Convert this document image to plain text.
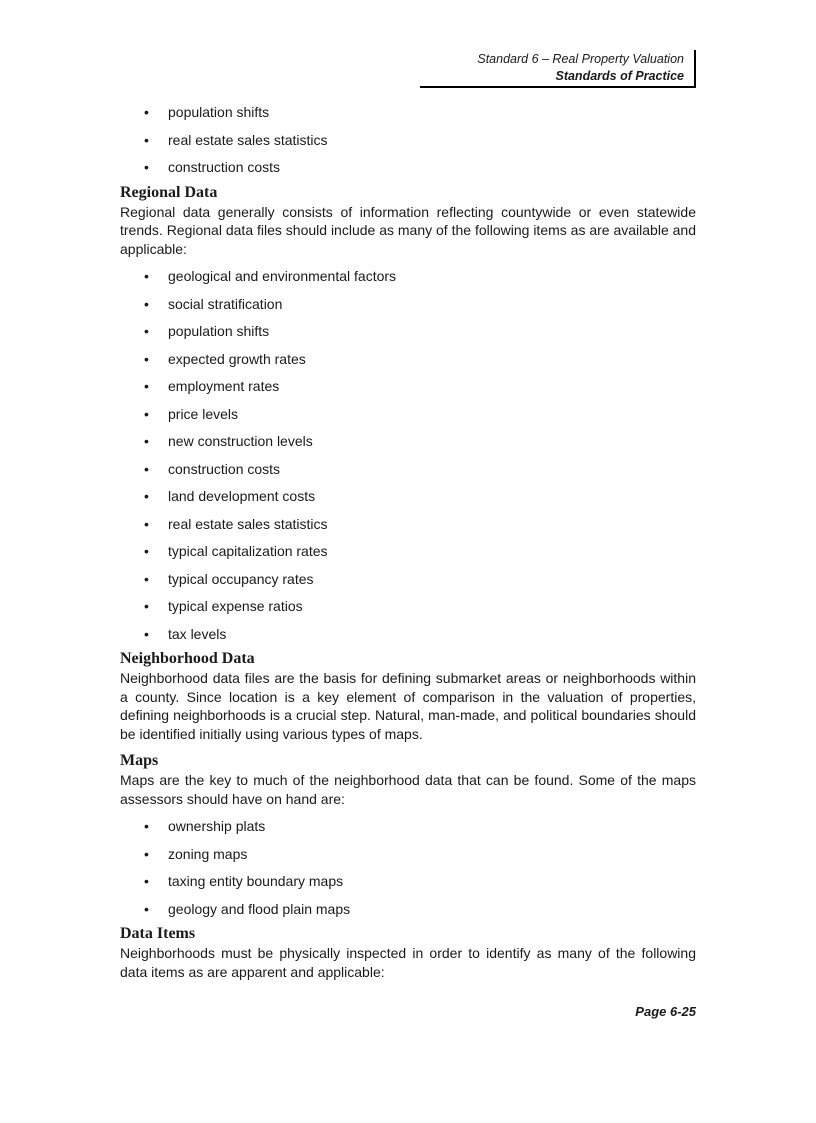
Standard 6 – Real Property Valuation
Standards of Practice
• population shifts
• real estate sales statistics
• construction costs
Regional Data

Regional data generally consists of information reflecting countywide or even statewide trends. Regional data files should include as many of the following items as are available and applicable:

• geological and environmental factors
• social stratification
• population shifts
• expected growth rates
• employment rates
• price levels
• new construction levels
• construction costs
• land development costs
• real estate sales statistics
• typical capitalization rates
• typical occupancy rates
• typical expense ratios
• tax levels
Neighborhood Data

Neighborhood data files are the basis for defining submarket areas or neighborhoods within a county. Since location is a key element of comparison in the valuation of properties, defining neighborhoods is a crucial step. Natural, man-made, and political boundaries should be identified initially using various types of maps.

Maps

Maps are the key to much of the neighborhood data that can be found. Some of the maps assessors should have on hand are:

• ownership plats
• zoning maps
• taxing entity boundary maps
• geology and flood plain maps
Data Items

Neighborhoods must be physically inspected in order to identify as many of the following data items as are apparent and applicable:

Page 6-25
